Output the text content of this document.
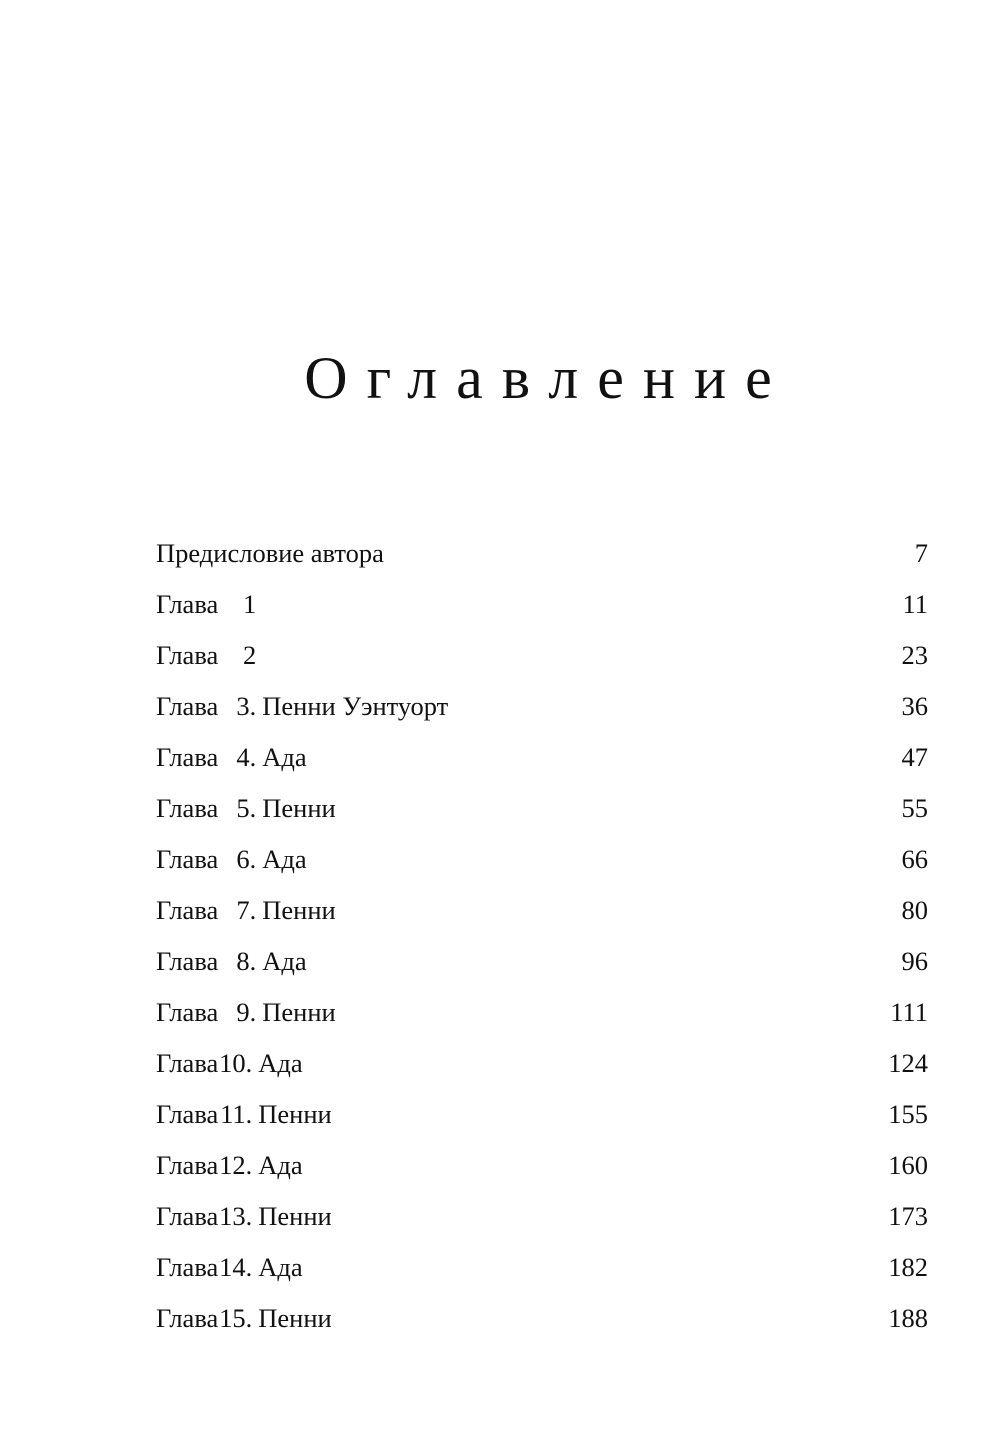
Оглавление
Предисловие автора . . .	7
Глава 1 . . .	11
Глава 2 . . .	23
Глава 3. Пенни Уэнтуорт . . .	36
Глава 4. Ада . . .	47
Глава 5. Пенни . . .	55
Глава 6. Ада . . .	66
Глава 7. Пенни . . .	80
Глава 8. Ада . . .	96
Глава 9. Пенни . . .	111
Глава 10. Ада . . .	124
Глава 11. Пенни . . .	155
Глава 12. Ада . . .	160
Глава 13. Пенни . . .	173
Глава 14. Ада . . .	182
Глава 15. Пенни . . .	188
